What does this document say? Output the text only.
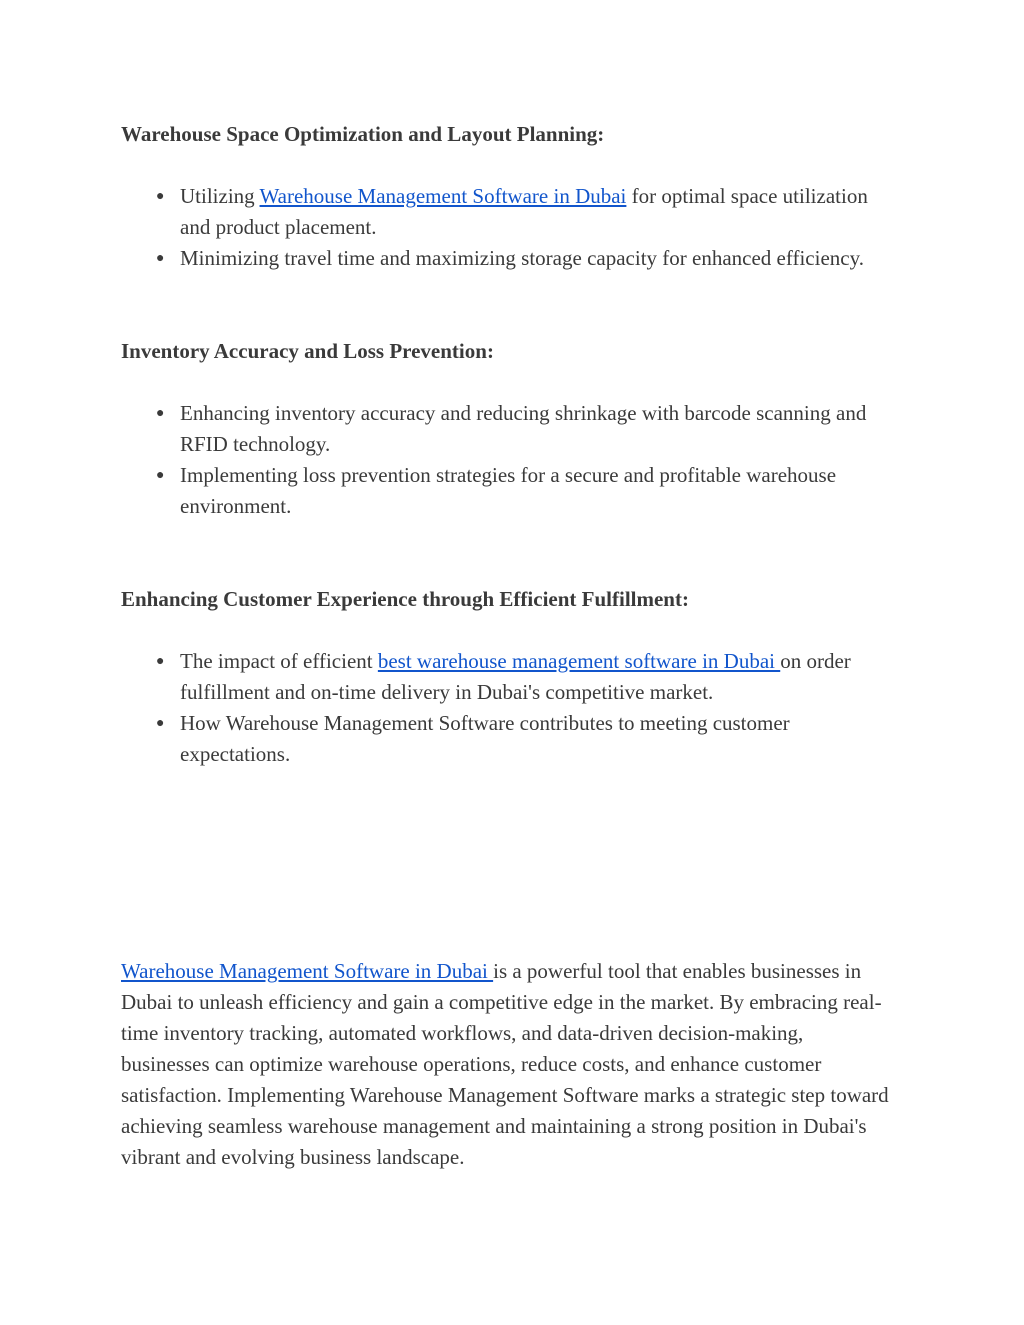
Warehouse Space Optimization and Layout Planning:
● Utilizing Warehouse Management Software in Dubai for optimal space utilization and product placement.
● Minimizing travel time and maximizing storage capacity for enhanced efficiency.
Inventory Accuracy and Loss Prevention:
● Enhancing inventory accuracy and reducing shrinkage with barcode scanning and RFID technology.
● Implementing loss prevention strategies for a secure and profitable warehouse environment.
Enhancing Customer Experience through Efficient Fulfillment:
● The impact of efficient best warehouse management software in Dubai on order fulfillment and on-time delivery in Dubai's competitive market.
● How Warehouse Management Software contributes to meeting customer expectations.

Warehouse Management Software in Dubai is a powerful tool that enables businesses in Dubai to unleash efficiency and gain a competitive edge in the market. By embracing real-time inventory tracking, automated workflows, and data-driven decision-making, businesses can optimize warehouse operations, reduce costs, and enhance customer satisfaction. Implementing Warehouse Management Software marks a strategic step toward achieving seamless warehouse management and maintaining a strong position in Dubai's vibrant and evolving business landscape.
